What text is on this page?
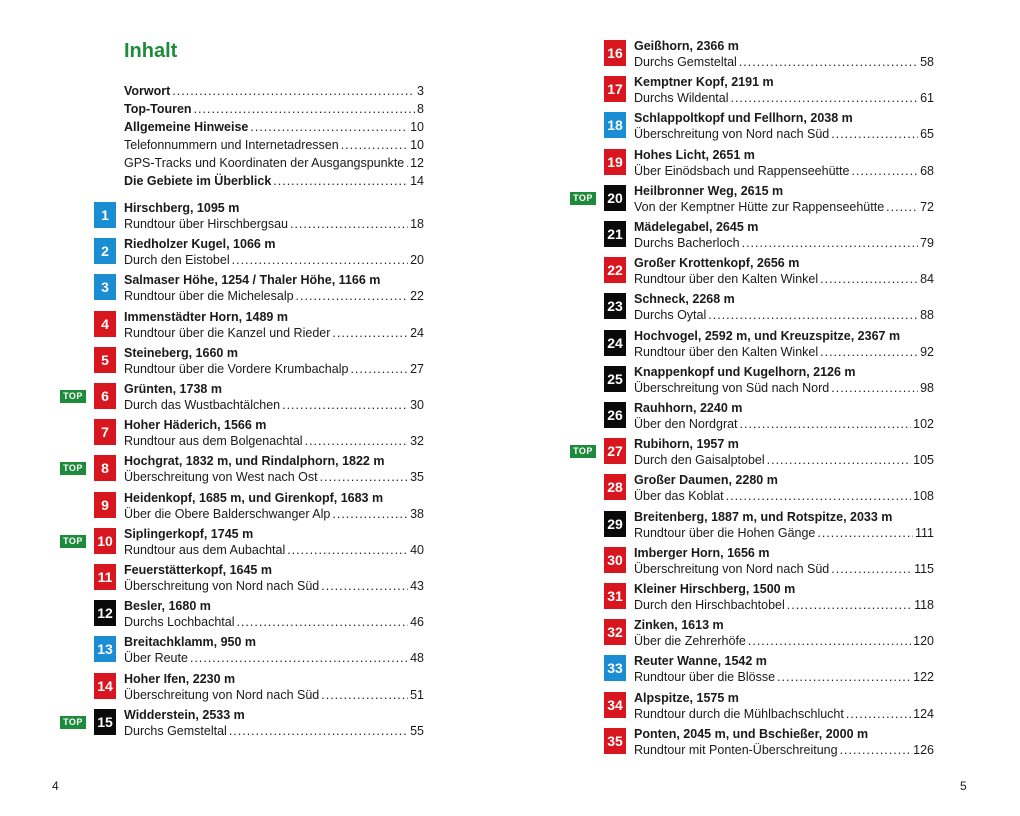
Inhalt
Vorwort .....	3
Top-Touren .....	8
Allgemeine Hinweise .....	10
Telefonnummern und Internetadressen .....	10
GPS-Tracks und Koordinaten der Ausgangspunkte ..... 12
Die Gebiete im Überblick .....	14
1	Hirschberg, 1095 m
Rundtour über Hirschbergsau .....	18
2	Riedholzer Kugel, 1066 m
Durch den Eistobel .....	20
3	Salmaser Höhe, 1254 / Thaler Höhe, 1166 m
Rundtour über die Michelesalp .....	22
4	Immenstädter Horn, 1489 m
Rundtour über die Kanzel und Rieder .....	24
5	Steineberg, 1660 m
Rundtour über die Vordere Krumbachalp .....	27
TOP	6	Grünten, 1738 m
Durch das Wustbachtälchen .....	30
7	Hoher Häderich, 1566 m
Rundtour aus dem Bolgenachtal .....	32
TOP	8	Hochgrat, 1832 m, und Rindalphorn, 1822 m
Überschreitung von West nach Ost .....	35
9	Heidenkopf, 1685 m, und Girenkopf, 1683 m
Über die Obere Balderschwanger Alp .....	38
TOP 10 Siplingerkopf, 1745 m
Rundtour aus dem Aubachtal .....	40
11 Feuerstätterkopf, 1645 m
Überschreitung von Nord nach Süd .....	43
12 Besler, 1680 m
Durchs Lochbachtal .....	46
13 Breitachklamm, 950 m
Über Reute .....	48
14 Hoher Ifen, 2230 m
Überschreitung von Nord nach Süd .....	51
TOP 15 Widderstein, 2533 m
Durchs Gemsteltal .....	55
4
16 Geißhorn, 2366 m
Durchs Gemsteltal .....	58
17 Kemptner Kopf, 2191 m
Durchs Wildental .....	61
18 Schlappoltkopf und Fellhorn, 2038 m
Überschreitung von Nord nach Süd .....	65
19 Hohes Licht, 2651 m
Über Einödsbach und Rappenseehütte .....	68
TOP 20 Heilbronner Weg, 2615 m
Von der Kemptner Hütte zur Rappenseehütte .....	72
21 Mädelegabel, 2645 m
Durchs Bacherloch .....	79
22 Großer Krottenkopf, 2656 m
Rundtour über den Kalten Winkel .....	84
23 Schneck, 2268 m
Durchs Oytal .....	88
24 Hochvogel, 2592 m, und Kreuzspitze, 2367 m
Rundtour über den Kalten Winkel .....	92
25 Knappenkopf und Kugelhorn, 2126 m
Überschreitung von Süd nach Nord .....	98
26 Rauhhorn, 2240 m
Über den Nordgrat .....	102
TOP 27 Rubihorn, 1957 m
Durch den Gaisalptobel .....	105
28 Großer Daumen, 2280 m
Über das Koblat .....	108
29 Breitenberg, 1887 m, und Rotspitze, 2033 m
Rundtour über die Hohen Gänge .....	111
30 Imberger Horn, 1656 m
Überschreitung von Nord nach Süd .....	115
31 Kleiner Hirschberg, 1500 m
Durch den Hirschbachtobel .....	118
32 Zinken, 1613 m
Über die Zehrerhöfe .....	120
33 Reuter Wanne, 1542 m
Rundtour über die Blösse .....	122
34 Alpspitze, 1575 m
Rundtour durch die Mühlbachschlucht .....	124
35 Ponten, 2045 m, und Bschießer, 2000 m
Rundtour mit Ponten-Überschreitung .....	126
5
